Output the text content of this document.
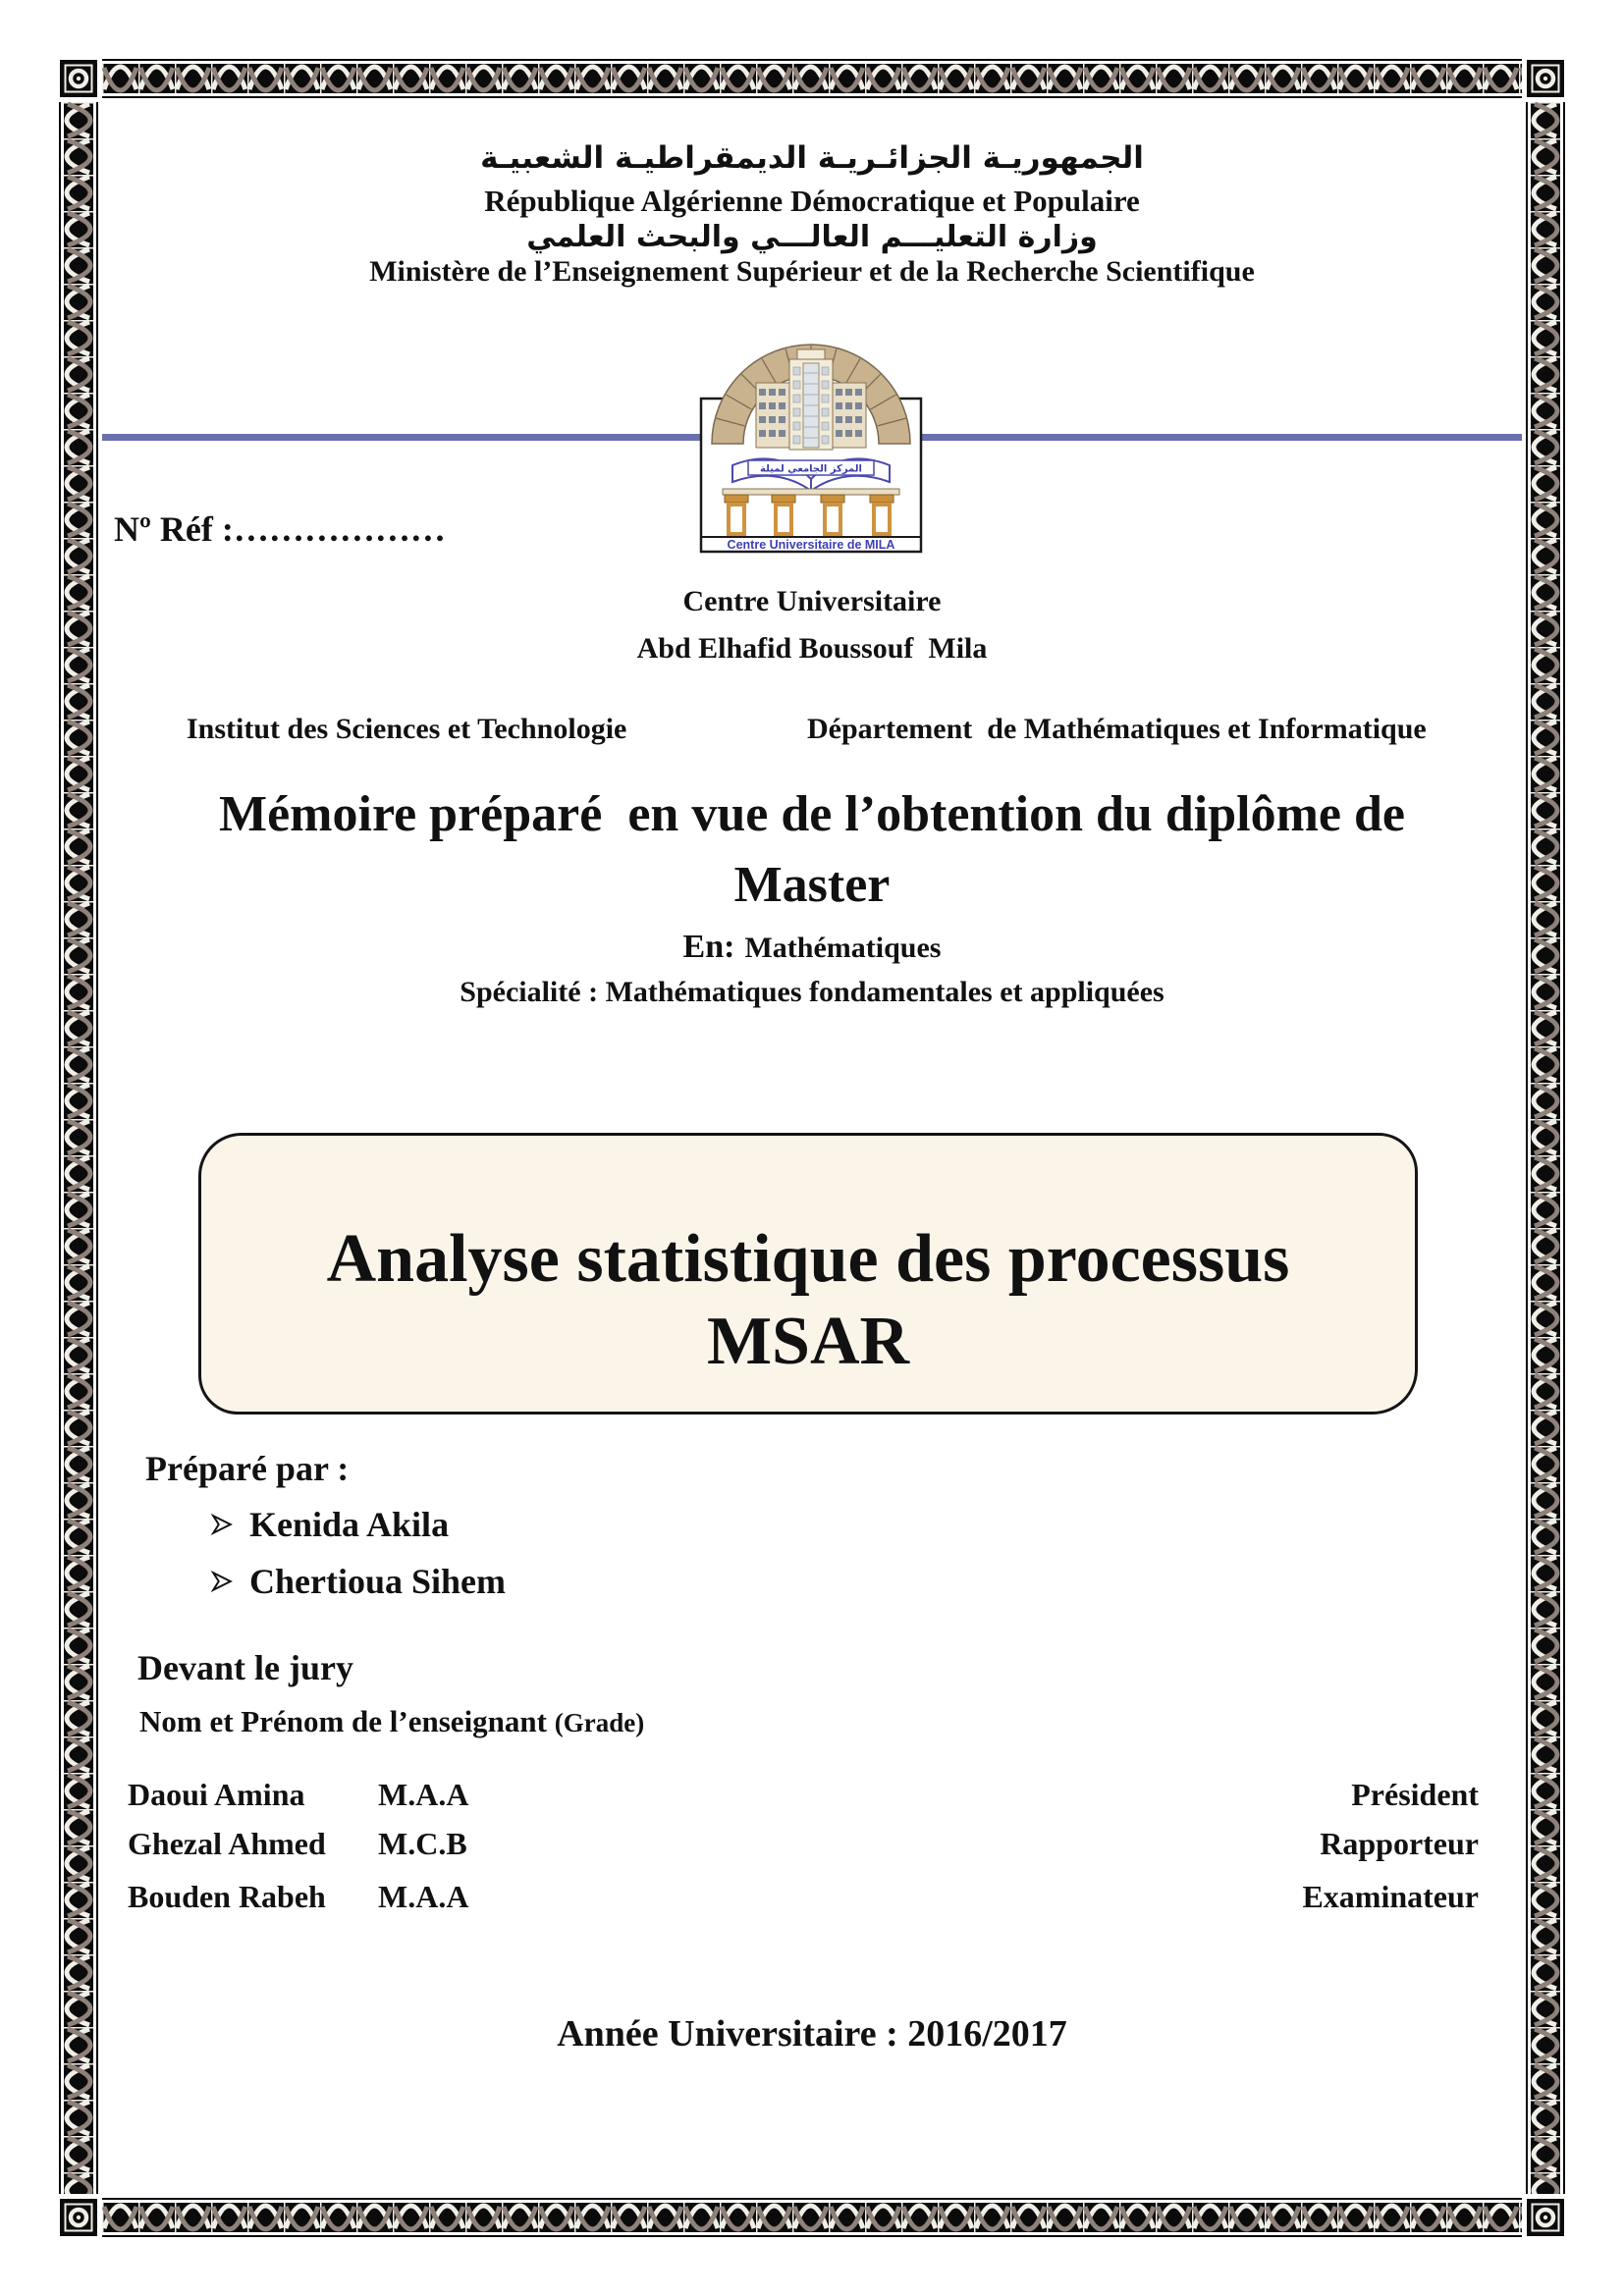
الجمهوريـة الجزائـريـة الديمقراطيـة الشعبيـة
République Algérienne Démocratique et Populaire
وزارة التعليـــم العالـــي والبحث العلمي
Ministère de l’Enseignement Supérieur et de la Recherche Scientifique
المركز الجامعي لميلة
Centre Universitaire de MILA
Nº Réf :………………
Centre Universitaire
Abd Elhafid Boussouf  Mila
Institut des Sciences et Technologie	Département  de Mathématiques et Informatique
Mémoire préparé  en vue de l’obtention du diplôme de
Master
En: Mathématiques
Spécialité : Mathématiques fondamentales et appliquées
Analyse statistique des processus
MSAR
Préparé par :
Kenida Akila
Chertioua Sihem
Devant le jury
Nom et Prénom de l’enseignant (Grade)
Daoui Amina	M.A.A	Président
Ghezal Ahmed	M.C.B	Rapporteur
Bouden Rabeh	M.A.A	Examinateur
Année Universitaire : 2016/2017
